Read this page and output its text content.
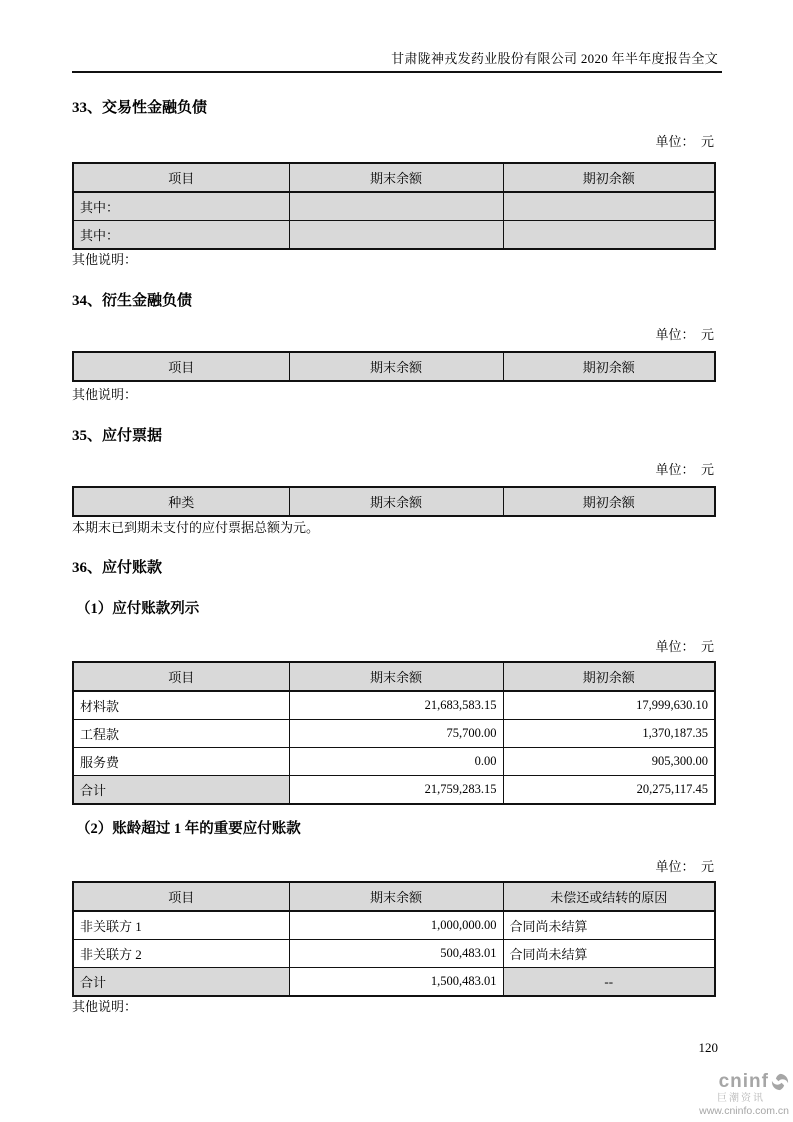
甘肃陇神戎发药业股份有限公司 2020 年半年度报告全文
33、交易性金融负债
单位：　元
项目	期末余额	期初余额
其中：		
其中：		
其他说明：
34、衍生金融负债
单位：　元
项目	期末余额	期初余额
其他说明：
35、应付票据
单位：　元
种类	期末余额	期初余额
本期末已到期未支付的应付票据总额为元。
36、应付账款
（1）应付账款列示
单位：　元
项目	期末余额	期初余额
材料款	21,683,583.15	17,999,630.10
工程款	75,700.00	1,370,187.35
服务费	0.00	905,300.00
合计	21,759,283.15	20,275,117.45
（2）账龄超过 1 年的重要应付账款
单位：　元
项目	期末余额	未偿还或结转的原因
非关联方 1	1,000,000.00	合同尚未结算
非关联方 2	500,483.01	合同尚未结算
合计	1,500,483.01	--
其他说明：
120
cninf
巨潮资讯
www.cninfo.com.cn
